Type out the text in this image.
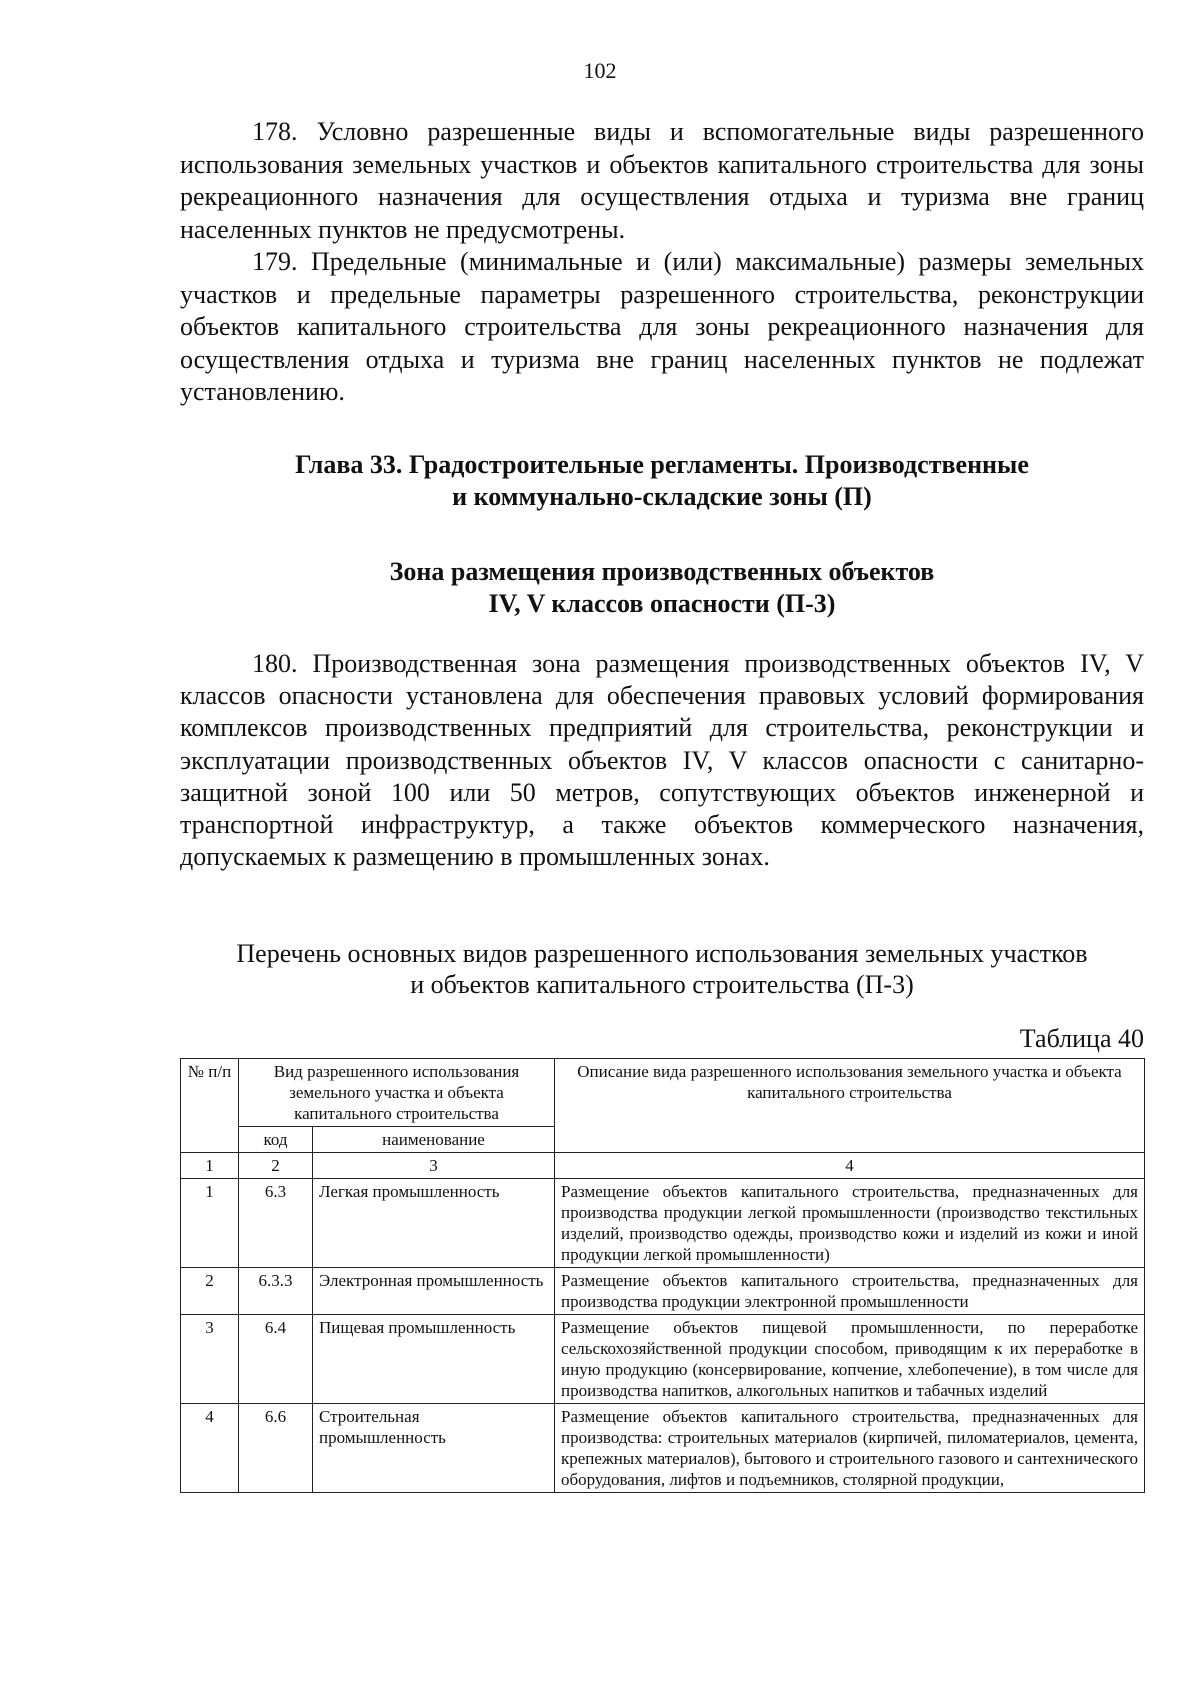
102

178. Условно разрешенные виды и вспомогательные виды разрешенного использования земельных участков и объектов капитального строительства для зоны рекреационного назначения для осуществления отдыха и туризма вне границ населенных пунктов не предусмотрены.

179. Предельные (минимальные и (или) максимальные) размеры земельных участков и предельные параметры разрешенного строительства, реконструкции объектов капитального строительства для зоны рекреационного назначения для осуществления отдыха и туризма вне границ населенных пунктов не подлежат установлению.

Глава 33. Градостроительные регламенты. Производственные
и коммунально-складские зоны (П)
Зона размещения производственных объектов
IV, V классов опасности (П-3)

180. Производственная зона размещения производственных объектов IV, V классов опасности установлена для обеспечения правовых условий формирования комплексов производственных предприятий для строительства, реконструкции и эксплуатации производственных объектов IV, V классов опасности с санитарно-защитной зоной 100 или 50 метров, сопутствующих объектов инженерной и транспортной инфраструктур, а также объектов коммерческого назначения, допускаемых к размещению в промышленных зонах.

Перечень основных видов разрешенного использования земельных участков
и объектов капитального строительства (П-3)
Таблица 40
№ п/п	Вид разрешенного использования земельного участка и объекта капитального строительства		Описание вида разрешенного использования земельного участка и объекта капитального строительства
	код	наименование	
1	2	3	4
1	6.3	Легкая промышленность	Размещение объектов капитального строительства, предназначенных для производства продукции легкой промышленности (производство текстильных изделий, производство одежды, производство кожи и изделий из кожи и иной продукции легкой промышленности)
2	6.3.3	Электронная промышленность	Размещение объектов капитального строительства, предназначенных для производства продукции электронной промышленности
3	6.4	Пищевая промышленность	Размещение объектов пищевой промышленности, по переработке сельскохозяйственной продукции способом, приводящим к их переработке в иную продукцию (консервирование, копчение, хлебопечение), в том числе для производства напитков, алкогольных напитков и табачных изделий
4	6.6	Строительная промышленность	Размещение объектов капитального строительства, предназначенных для производства: строительных материалов (кирпичей, пиломатериалов, цемента, крепежных материалов), бытового и строительного газового и сантехнического оборудования, лифтов и подъемников, столярной продукции,
